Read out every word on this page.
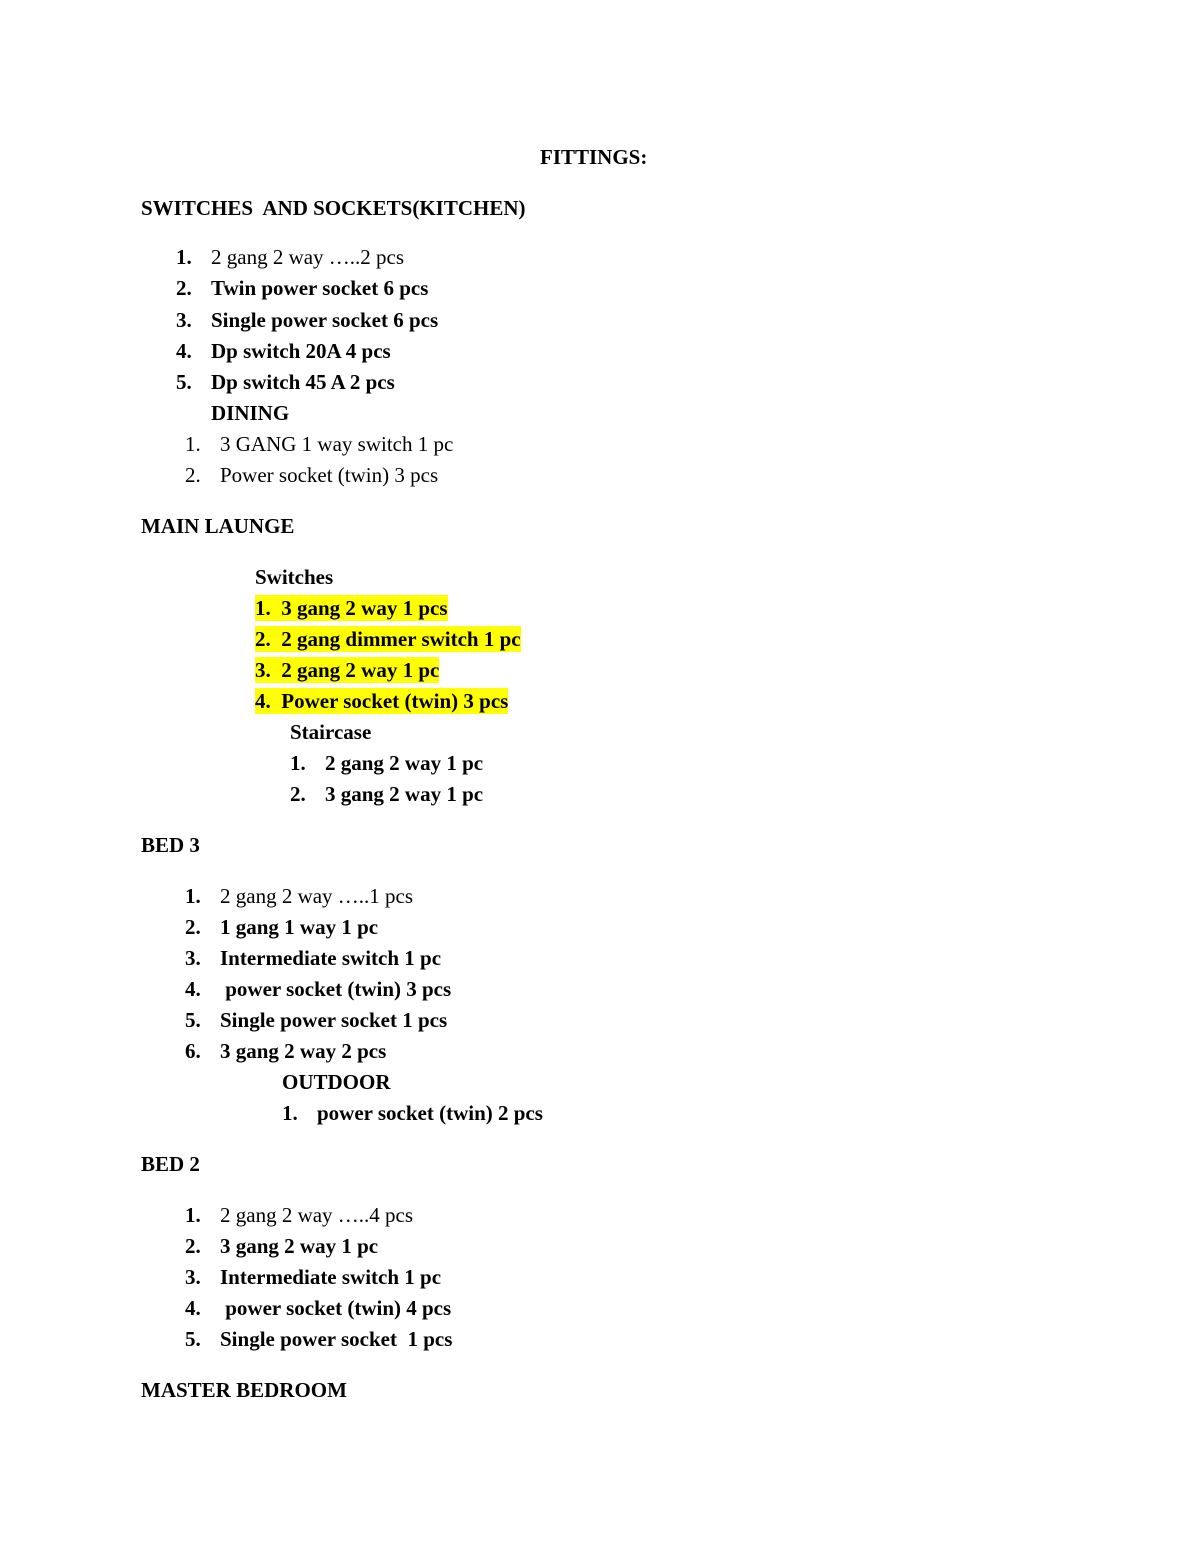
FITTINGS:
SWITCHES  AND SOCKETS(KITCHEN)
1. 2 gang 2 way …..2 pcs
2. Twin power socket 6 pcs
3. Single power socket 6 pcs
4. Dp switch 20A 4 pcs
5. Dp switch 45 A 2 pcs
DINING
1. 3 GANG 1 way switch 1 pc
2. Power socket (twin) 3 pcs
MAIN LAUNGE
Switches
1. 3 gang 2 way 1 pcs
2. 2 gang dimmer switch 1 pc
3. 2 gang 2 way 1 pc
4. Power socket (twin) 3 pcs
Staircase
1. 2 gang 2 way 1 pc
2. 3 gang 2 way 1 pc
BED 3
1. 2 gang 2 way …..1 pcs
2. 1 gang 1 way 1 pc
3. Intermediate switch 1 pc
4. power socket (twin) 3 pcs
5. Single power socket 1 pcs
6. 3 gang 2 way 2 pcs
OUTDOOR
1. power socket (twin) 2 pcs
BED 2
1. 2 gang 2 way …..4 pcs
2. 3 gang 2 way 1 pc
3. Intermediate switch 1 pc
4. power socket (twin) 4 pcs
5. Single power socket  1 pcs
MASTER BEDROOM
